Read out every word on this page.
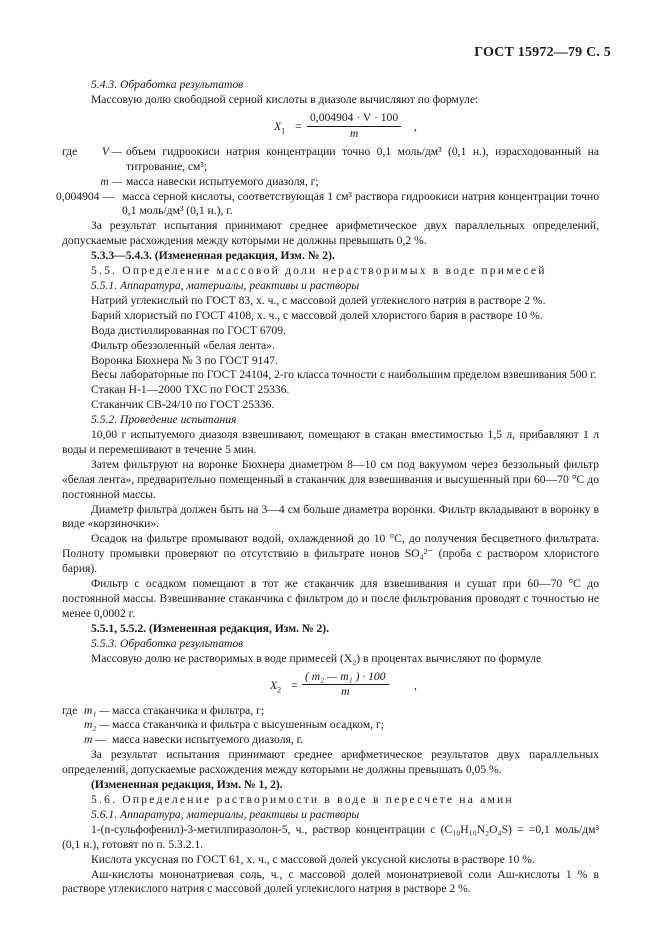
ГОСТ 15972—79 С. 5

5.4.3. Обработка результатов

Массовую долю свободной серной кислоты в диазоле вычисляют по формуле:

$X_1 = \frac{0,004904 \cdot V \cdot 100}{m}$ ,
где	V — объем гидроокиси натрия концентрации точно 0,1 моль/дм³ (0,1 н.), израсходованный на титрование, см³;
m — масса навески испытуемого диазоля, г;
0,004904 — масса серной кислоты, соответствующая 1 см³ раствора гидроокиси натрия концентрации точно 0,1 моль/дм³ (0,1 н.), г.

За результат испытания принимают среднее арифметическое двух параллельных определений, допускаемые расхождения между которыми не должны превышать 0,2 %.

5.3.3—5.4.3. (Измененная редакция, Изм. № 2).

5.5. Определение массовой доли нерастворимых в воде примесей

5.5.1. Аппаратура, материалы, реактивы и растворы

Натрий углекислый по ГОСТ 83, х. ч., с массовой долей углекислого натрия в растворе 2 %.

Барий хлористый по ГОСТ 4108, х. ч., с массовой долей хлористого бария в растворе 10 %.

Вода дистиллированная по ГОСТ 6709.

Фильтр обеззоленный «белая лента».

Воронка Бюхнера № 3 по ГОСТ 9147.

Весы лабораторные по ГОСТ 24104, 2-го класса точности с наибольшим пределом взвешивания 500 г.

Стакан Н-1—2000 ТХС по ГОСТ 25336.

Стаканчик СВ-24/10 по ГОСТ 25336.

5.5.2. Проведение испытания

10,00 г испытуемого диазоля взвешивают, помещают в стакан вместимостью 1,5 л, прибавляют 1 л воды и перемешивают в течение 5 мин.

Затем фильтруют на воронке Бюхнера диаметром 8—10 см под вакуумом через беззольный фильтр «белая лента», предварительно помещенный в стаканчик для взвешивания и высушенный при 60—70 °С до постоянной массы.

Диаметр фильтра должен быть на 3—4 см больше диаметра воронки. Фильтр вкладывают в воронку в виде «корзиночки».

Осадок на фильтре промывают водой, охлажденной до 10 °С, до получения бесцветного фильтрата. Полноту промывки проверяют по отсутствию в фильтрате ионов SO₄²⁻ (проба с раствором хлористого бария).

Фильтр с осадком помещают в тот же стаканчик для взвешивания и сушат при 60—70 °С до постоянной массы. Взвешивание стаканчика с фильтром до и после фильтрования проводят с точностью не менее 0,0002 г.

5.5.1, 5.5.2. (Измененная редакция, Изм. № 2).

5.5.3. Обработка результатов

Массовую долю не растворимых в воде примесей (X₂) в процентах вычисляют по формуле

$X_2 = \frac{\text{( m₂ — m₁ ) · 100}}{m}$ ,
где m₁ — масса стаканчика и фильтра, г;
m₂ — масса стаканчика и фильтра с высушенным осадком, г;
m — масса навески испытуемого диазоля, г.

За результат испытания принимают среднее арифметическое результатов двух параллельных определений, допускаемые расхождения между которыми не должны превышать 0,05 %.

(Измененная редакция, Изм. № 1, 2).

5.6. Определение растворимости в воде в пересчете на амин

5.6.1. Аппаратура, материалы, реактивы и растворы

1-(n-сульфофенил)-3-метилпиразолон-5, ч., раствор концентрации c (C₁₀H₁₀N₂O₄S) = =0,1 моль/дм³ (0,1 н.), готовят по п. 5.3.2.1.

Кислота уксусная по ГОСТ 61, х. ч., с массовой долей уксусной кислоты в растворе 10 %.

Аш-кислоты мононатриевая соль, ч., с массовой долей мононатриевой соли Аш-кислоты 1 % в растворе углекислого натрия с массовой долей углекислого натрия в растворе 2 %.
